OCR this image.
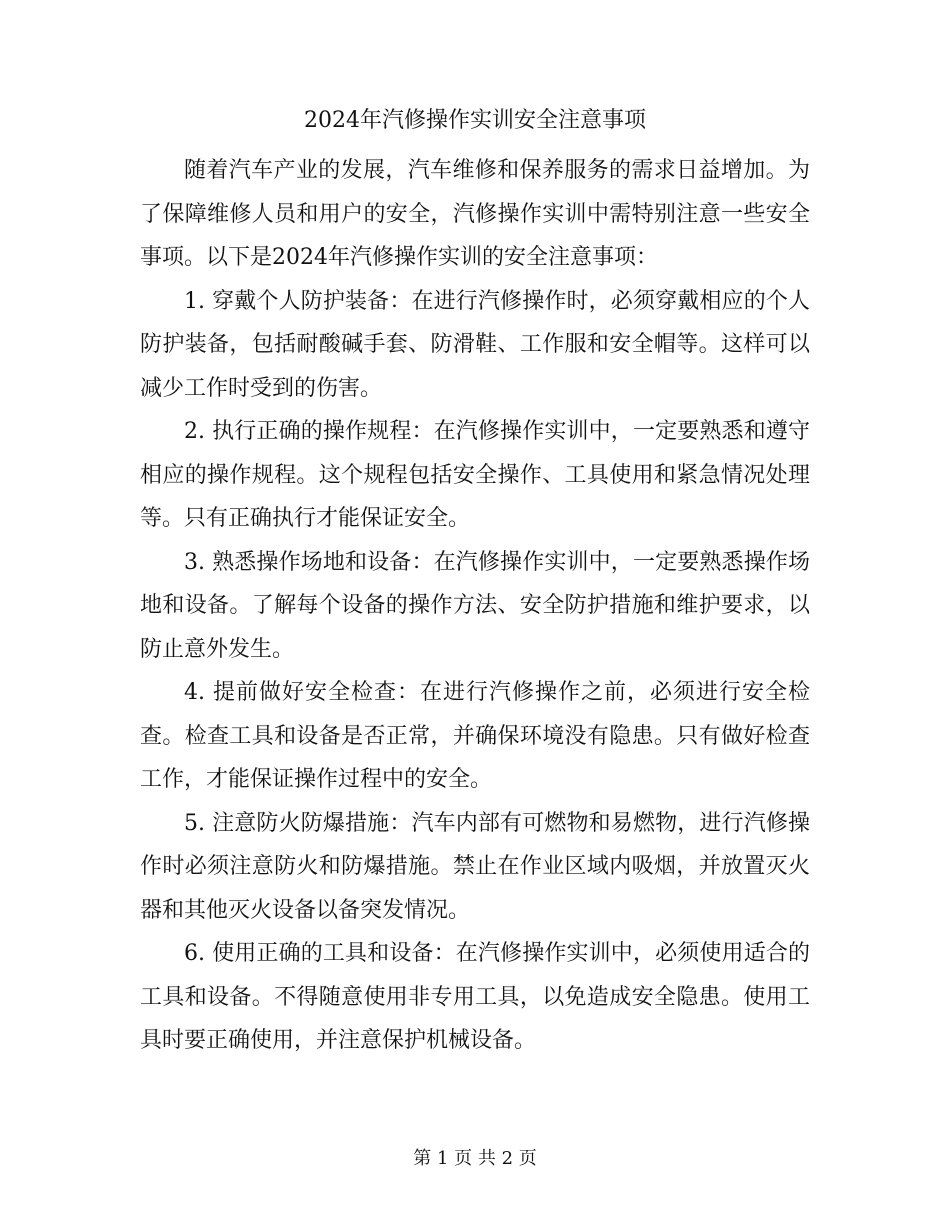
2024年汽修操作实训安全注意事项

随着汽车产业的发展，汽车维修和保养服务的需求日益增加。为了保障维修人员和用户的安全，汽修操作实训中需特别注意一些安全事项。以下是2024年汽修操作实训的安全注意事项：

1. 穿戴个人防护装备：在进行汽修操作时，必须穿戴相应的个人防护装备，包括耐酸碱手套、防滑鞋、工作服和安全帽等。这样可以减少工作时受到的伤害。

2. 执行正确的操作规程：在汽修操作实训中，一定要熟悉和遵守相应的操作规程。这个规程包括安全操作、工具使用和紧急情况处理等。只有正确执行才能保证安全。

3. 熟悉操作场地和设备：在汽修操作实训中，一定要熟悉操作场地和设备。了解每个设备的操作方法、安全防护措施和维护要求，以防止意外发生。

4. 提前做好安全检查：在进行汽修操作之前，必须进行安全检查。检查工具和设备是否正常，并确保环境没有隐患。只有做好检查工作，才能保证操作过程中的安全。

5. 注意防火防爆措施：汽车内部有可燃物和易燃物，进行汽修操作时必须注意防火和防爆措施。禁止在作业区域内吸烟，并放置灭火器和其他灭火设备以备突发情况。

6. 使用正确的工具和设备：在汽修操作实训中，必须使用适合的工具和设备。不得随意使用非专用工具，以免造成安全隐患。使用工具时要正确使用，并注意保护机械设备。

第 1 页 共 2 页
